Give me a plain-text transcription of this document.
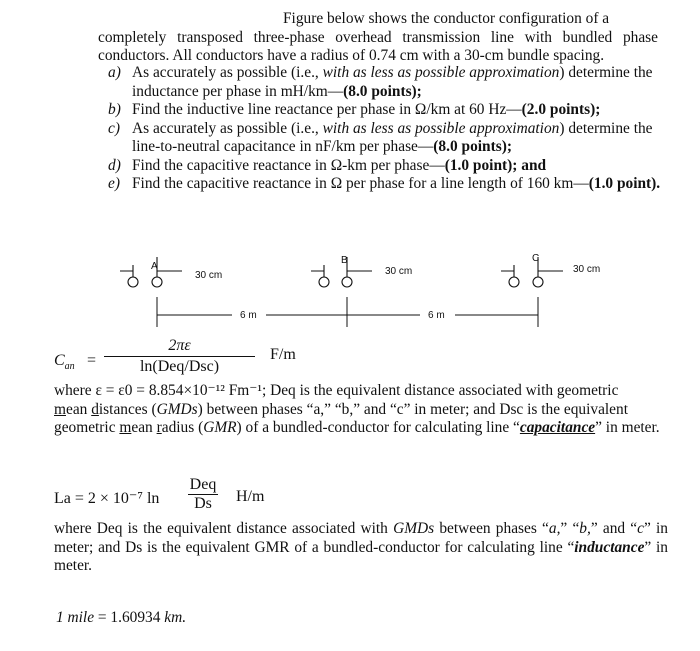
Figure below shows the conductor configuration of a
completely transposed three-phase overhead transmission line with bundled phase conductors. All conductors have a radius of 0.74 cm with a 30-cm bundle spacing.
a) As accurately as possible (i.e., with as less as possible approximation) determine the inductance per phase in mH/km—(8.0 points);
b) Find the inductive line reactance per phase in Ω/km at 60 Hz—(2.0 points);
c) As accurately as possible (i.e., with as less as possible approximation) determine the line-to-neutral capacitance in nF/km per phase—(8.0 points);
d) Find the capacitive reactance in Ω-km per phase—(1.0 point); and
e) Find the capacitive reactance in Ω per phase for a line length of 160 km—(1.0 point).
A
30 cm
B
30 cm
C
30 cm
6 m	6 m
$C_{an}$ =
2πε
ln(Deq/Dsc)
F/m
where ε = ε0 = 8.854×10⁻¹² Fm⁻¹; Deq is the equivalent distance associated with geometric
mean distances (GMDs) between phases “a,” “b,” and “c” in meter; and Dsc is the equivalent
geometric mean radius (GMR) of a bundled-conductor for calculating line “capacitance” in meter.
La = 2 × 10⁻⁷ ln
Deq
Ds	H/m
where Deq is the equivalent distance associated with GMDs between phases “a,” “b,” and “c” in meter; and Ds is the equivalent GMR of a bundled-conductor for calculating line “inductance” in meter.
1 mile = 1.60934 km.
